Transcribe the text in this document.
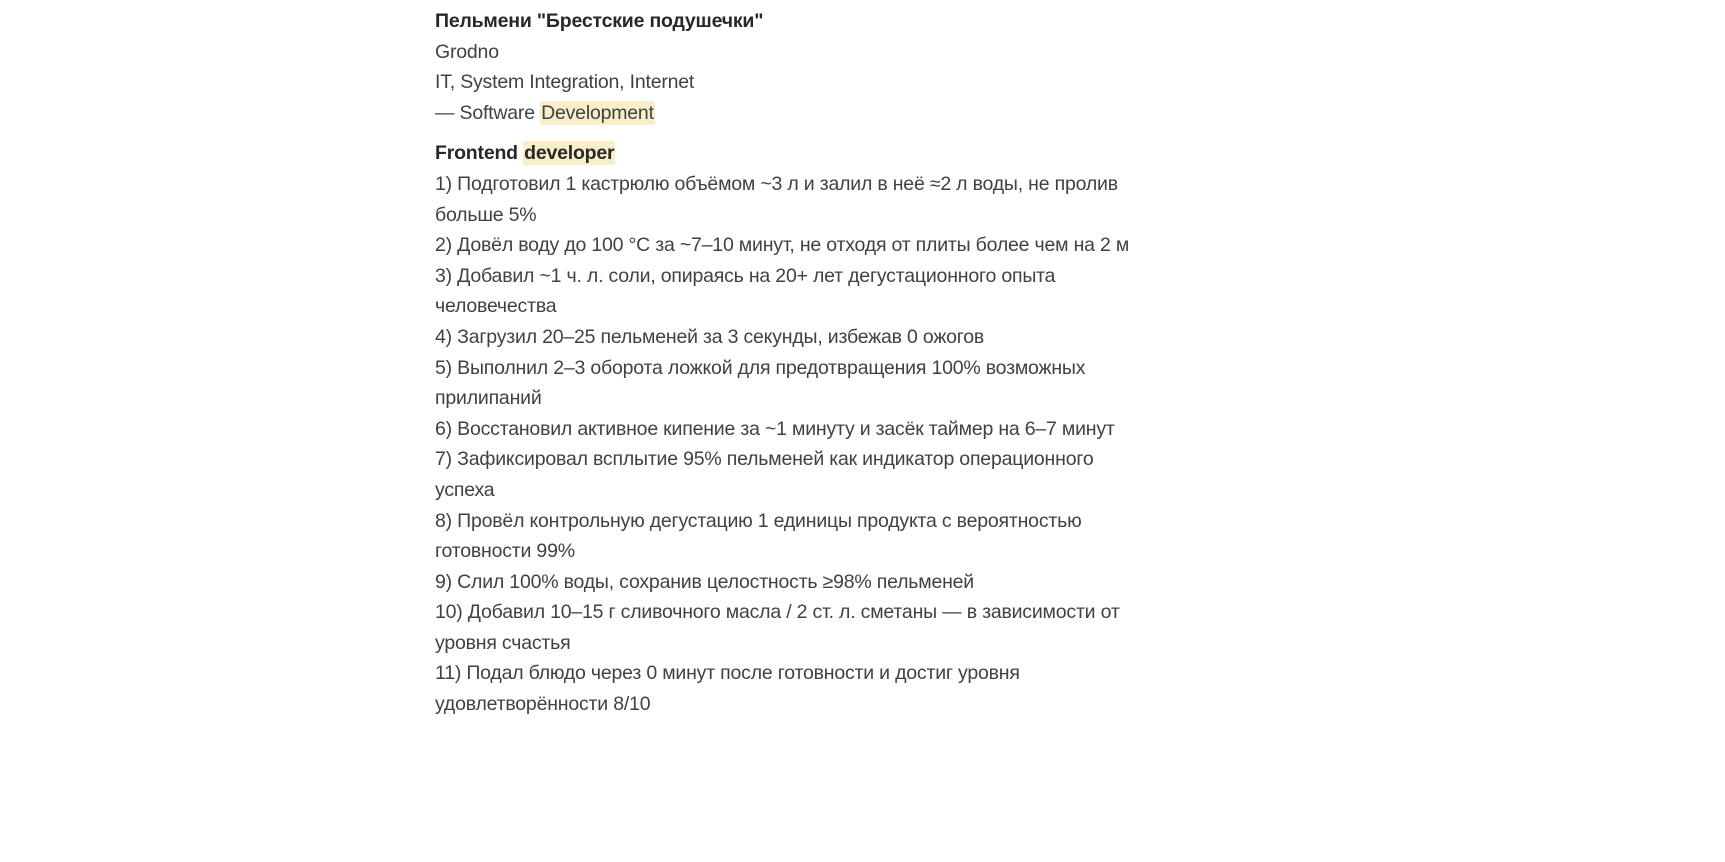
Пельмени "Брестские подушечки"

Grodno

IT, System Integration, Internet

— Software Development

Frontend developer

1) Подготовил 1 кастрюлю объёмом ~3 л и залил в неё ≈2 л воды, не пролив больше 5%

2) Довёл воду до 100 °C за ~7–10 минут, не отходя от плиты более чем на 2 м

3) Добавил ~1 ч. л. соли, опираясь на 20+ лет дегустационного опыта человечества

4) Загрузил 20–25 пельменей за 3 секунды, избежав 0 ожогов

5) Выполнил 2–3 оборота ложкой для предотвращения 100% возможных прилипаний

6) Восстановил активное кипение за ~1 минуту и засёк таймер на 6–7 минут

7) Зафиксировал всплытие 95% пельменей как индикатор операционного успеха

8) Провёл контрольную дегустацию 1 единицы продукта с вероятностью готовности 99%

9) Слил 100% воды, сохранив целостность ≥98% пельменей

10) Добавил 10–15 г сливочного масла / 2 ст. л. сметаны — в зависимости от уровня счастья

11) Подал блюдо через 0 минут после готовности и достиг уровня удовлетворённости 8/10
